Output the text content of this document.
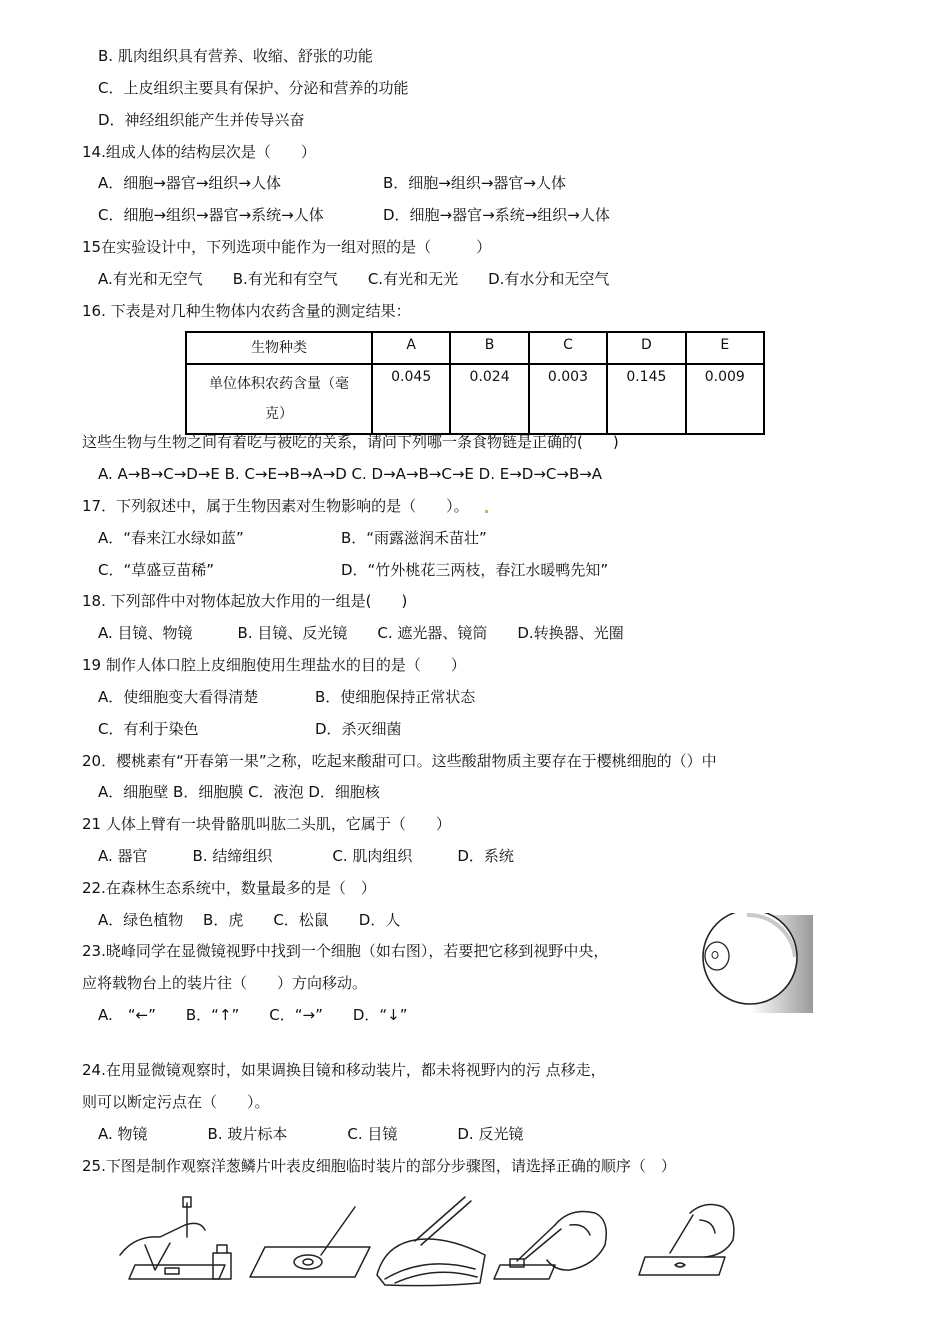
B. 肌肉组织具有营养、收缩、舒张的功能
C．上皮组织主要具有保护、分泌和营养的功能
D．神经组织能产生并传导兴奋
14.组成人体的结构层次是（　　）
A．细胞→器官→组织→人体	B．细胞→组织→器官→人体
C．细胞→组织→器官→系统→人体	D．细胞→器官→系统→组织→人体
15在实验设计中，下列选项中能作为一组对照的是（　　　）
A.有光和无空气　　B.有光和有空气　　C.有光和无光　　D.有水分和无空气
16. 下表是对几种生物体内农药含量的测定结果：
生物种类	A	B	C	D	E

单位体积农药含量（毫
克）	0.045	0.024	0.003	0.145	0.009
这些生物与生物之间有着吃与被吃的关系，请问下列哪一条食物链是正确的(　　)
A. A→B→C→D→E B. C→E→B→A→D C. D→A→B→C→E D. E→D→C→B→A
17．下列叙述中，属于生物因素对生物影响的是（　　）。
A．“春来江水绿如蓝”	B．“雨露滋润禾苗壮”
C．“草盛豆苗稀”	D．“竹外桃花三两枝，春江水暖鸭先知”
18. 下列部件中对物体起放大作用的一组是(　　)
A. 目镜、物镜　　　B. 目镜、反光镜　　C. 遮光器、镜筒　　D.转换器、光圈
19 制作人体口腔上皮细胞使用生理盐水的目的是（　　）
A．使细胞变大看得清楚	B．使细胞保持正常状态
C．有利于染色	D．杀灭细菌
20．樱桃素有“开春第一果”之称，吃起来酸甜可口。这些酸甜物质主要存在于樱桃细胞的（）中
A．细胞壁 B．细胞膜 C．液泡 D．细胞核
21 人体上臂有一块骨骼肌叫肱二头肌，它属于（　　）
A. 器官　　　B. 结缔组织　　　　C. 肌肉组织　　　D．系统
22.在森林生态系统中，数量最多的是（　）
A．绿色植物　 B．虎　　C．松鼠　　D．人
23.晓峰同学在显微镜视野中找到一个细胞（如右图），若要把它移到视野中央，
应将载物台上的装片往（　　）方向移动。
A.　“←”　　B．“↑”　　C．“→”　　D．“↓”
24.在用显微镜观察时，如果调换目镜和移动装片，都未将视野内的污 点移走，
则可以断定污点在（　　）。
A. 物镜　　　　B. 玻片标本　　　　C. 目镜　　　　D. 反光镜
25.下图是制作观察洋葱鳞片叶表皮细胞临时装片的部分步骤图，请选择正确的顺序（　）
